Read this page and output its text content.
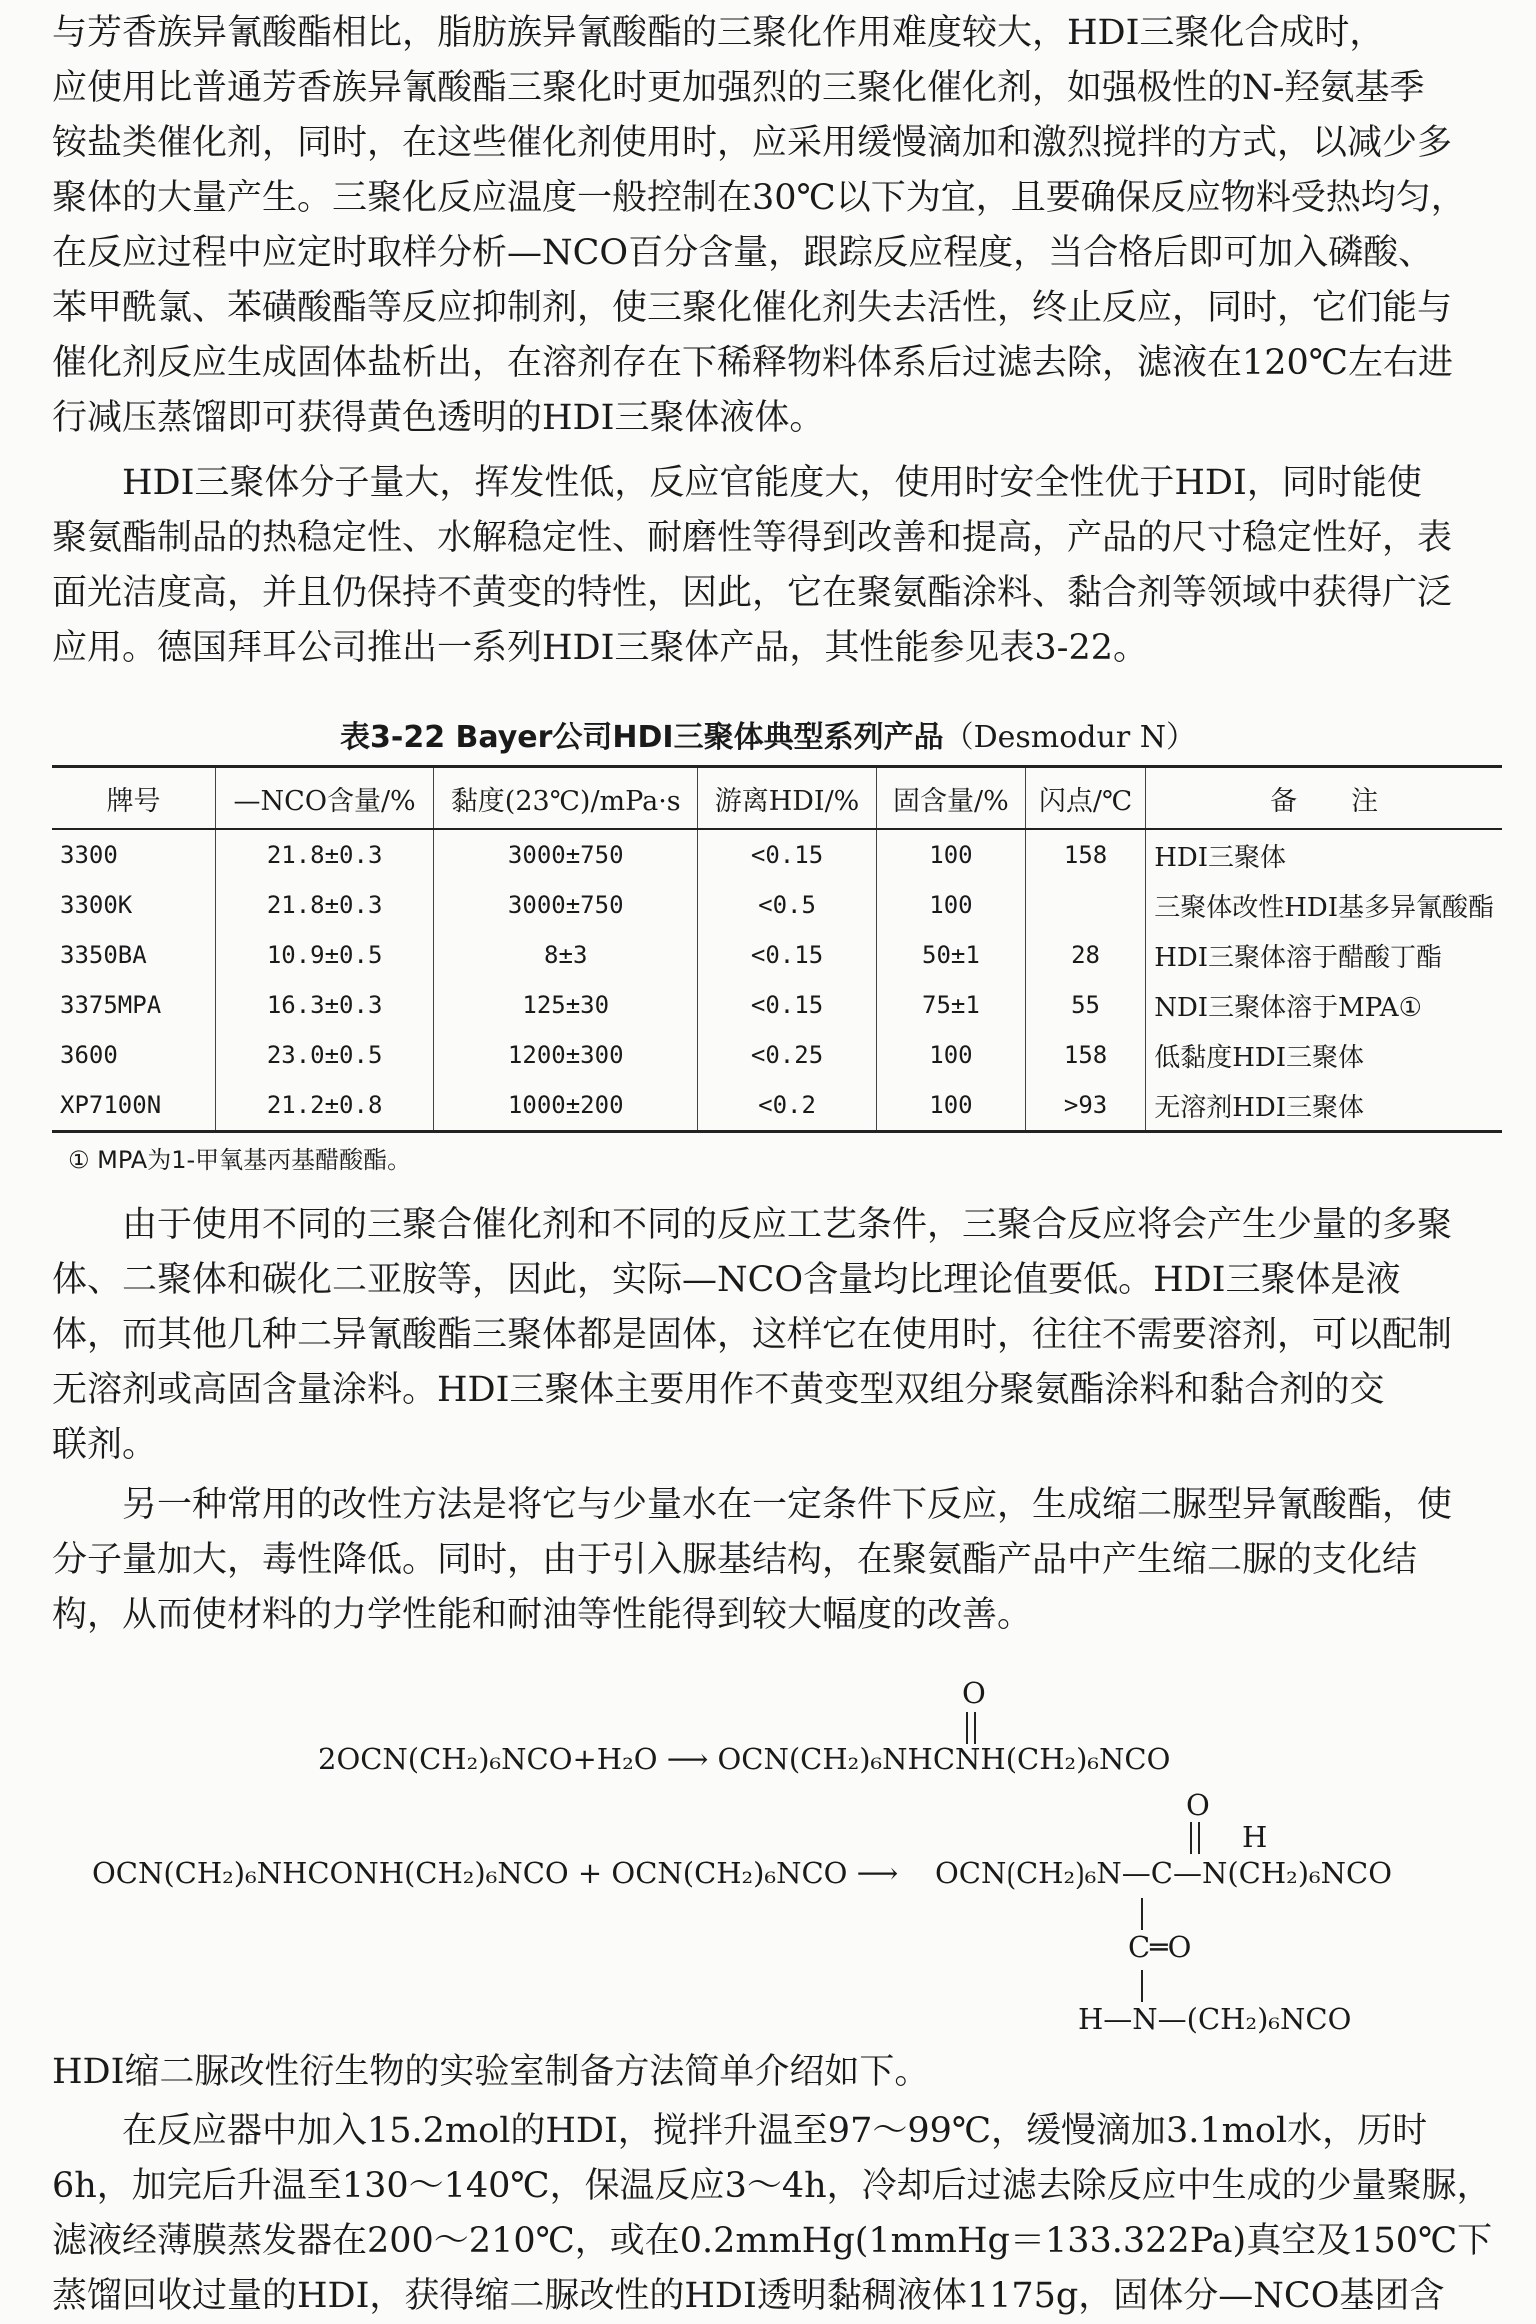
与芳香族异氰酸酯相比，脂肪族异氰酸酯的三聚化作用难度较大，HDI三聚化合成时，
应使用比普通芳香族异氰酸酯三聚化时更加强烈的三聚化催化剂，如强极性的N-羟氨基季
铵盐类催化剂，同时，在这些催化剂使用时，应采用缓慢滴加和激烈搅拌的方式，以减少多
聚体的大量产生。三聚化反应温度一般控制在30℃以下为宜，且要确保反应物料受热均匀，
在反应过程中应定时取样分析—NCO百分含量，跟踪反应程度，当合格后即可加入磷酸、
苯甲酰氯、苯磺酸酯等反应抑制剂，使三聚化催化剂失去活性，终止反应，同时，它们能与
催化剂反应生成固体盐析出，在溶剂存在下稀释物料体系后过滤去除，滤液在120℃左右进
行减压蒸馏即可获得黄色透明的HDI三聚体液体。

HDI三聚体分子量大，挥发性低，反应官能度大，使用时安全性优于HDI，同时能使
聚氨酯制品的热稳定性、水解稳定性、耐磨性等得到改善和提高，产品的尺寸稳定性好，表
面光洁度高，并且仍保持不黄变的特性，因此，它在聚氨酯涂料、黏合剂等领域中获得广泛
应用。德国拜耳公司推出一系列HDI三聚体产品，其性能参见表3-22。

表3-22 Bayer公司HDI三聚体典型系列产品（Desmodur N）
牌号	—NCO含量/%	黏度(23℃)/mPa·s	游离HDI/%	固含量/%	闪点/℃	备　　注
3300	21.8±0.3	3000±750	<0.15	100	158	HDI三聚体
3300K	21.8±0.3	3000±750	<0.5	100		三聚体改性HDI基多异氰酸酯
3350BA	10.9±0.5	8±3	<0.15	50±1	28	HDI三聚体溶于醋酸丁酯
3375MPA	16.3±0.3	125±30	<0.15	75±1	55	NDI三聚体溶于MPA①
3600	23.0±0.5	1200±300	<0.25	100	158	低黏度HDI三聚体
XP7100N	21.2±0.8	1000±200	<0.2	100	>93	无溶剂HDI三聚体
① MPA为1-甲氧基丙基醋酸酯。

由于使用不同的三聚合催化剂和不同的反应工艺条件，三聚合反应将会产生少量的多聚
体、二聚体和碳化二亚胺等，因此，实际—NCO含量均比理论值要低。HDI三聚体是液
体，而其他几种二异氰酸酯三聚体都是固体，这样它在使用时，往往不需要溶剂，可以配制
无溶剂或高固含量涂料。HDI三聚体主要用作不黄变型双组分聚氨酯涂料和黏合剂的交
联剂。

另一种常用的改性方法是将它与少量水在一定条件下反应，生成缩二脲型异氰酸酯，使
分子量加大，毒性降低。同时，由于引入脲基结构，在聚氨酯产品中产生缩二脲的支化结
构，从而使材料的力学性能和耐油等性能得到较大幅度的改善。

O
2OCN(CH₂)₆NCO+H₂O ⟶ OCN(CH₂)₆NHCNH(CH₂)₆NCO
O
H
OCN(CH₂)₆NHCONH(CH₂)₆NCO + OCN(CH₂)₆NCO ⟶ OCN⟮CH₂⟯₆N—C—N(CH₂)₆NCO
C═O
H—N—(CH₂)₆NCO

HDI缩二脲改性衍生物的实验室制备方法简单介绍如下。

在反应器中加入15.2mol的HDI，搅拌升温至97～99℃，缓慢滴加3.1mol水，历时
6h，加完后升温至130～140℃，保温反应3～4h，冷却后过滤去除反应中生成的少量聚脲，
滤液经薄膜蒸发器在200～210℃，或在0.2mmHg(1mmHg＝133.322Pa)真空及150℃下
蒸馏回收过量的HDI，获得缩二脲改性的HDI透明黏稠液体1175g，固体分—NCO基团含
